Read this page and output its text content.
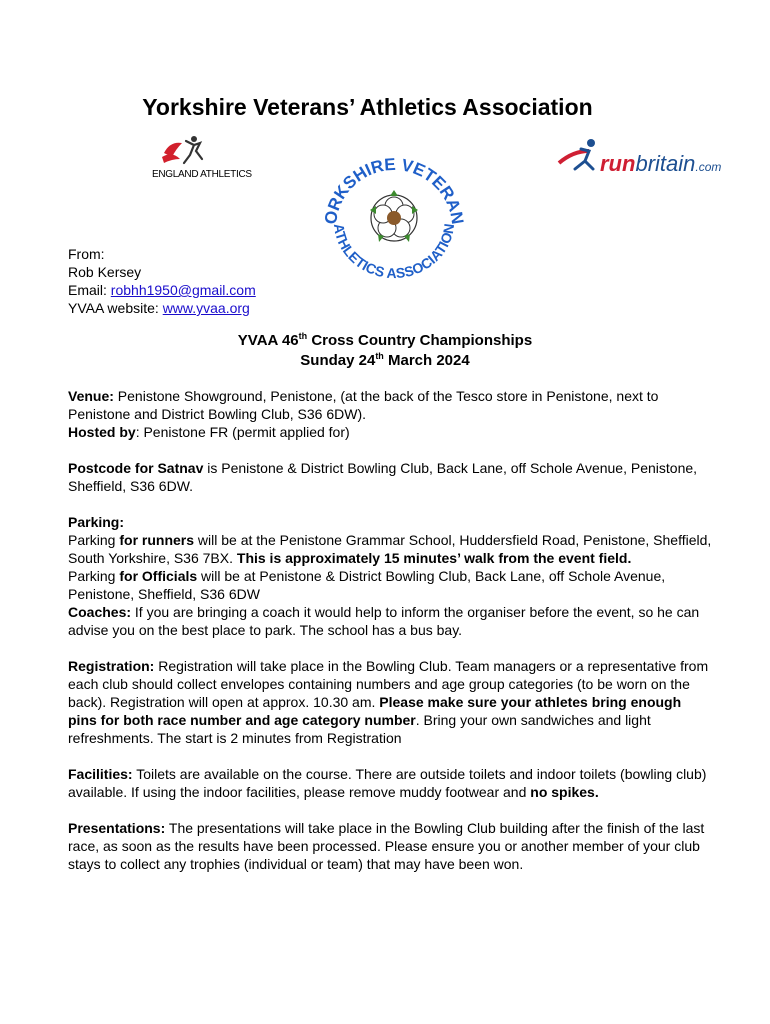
Yorkshire Veterans’ Athletics Association
ENGLAND ATHLETICS
ORKSHIRE VETERAN
ATHLETICS ASSOCIATION
runbritain.com
From:
Rob Kersey
Email: robhh1950@gmail.com
YVAA website: www.yvaa.org
YVAA 46th Cross Country Championships
Sunday 24th March 2024
Venue: Penistone Showground, Penistone, (at the back of the Tesco store in Penistone, next to Penistone and District Bowling Club, S36 6DW).
Hosted by: Penistone FR (permit applied for)
Postcode for Satnav is Penistone & District Bowling Club, Back Lane, off Schole Avenue, Penistone, Sheffield, S36 6DW.
Parking:
Parking for runners will be at the Penistone Grammar School, Huddersfield Road, Penistone, Sheffield, South Yorkshire, S36 7BX. This is approximately 15 minutes’ walk from the event field.
Parking for Officials will be at Penistone & District Bowling Club, Back Lane, off Schole Avenue, Penistone, Sheffield, S36 6DW
Coaches: If you are bringing a coach it would help to inform the organiser before the event, so he can advise you on the best place to park. The school has a bus bay.
Registration: Registration will take place in the Bowling Club. Team managers or a representative from each club should collect envelopes containing numbers and age group categories (to be worn on the back). Registration will open at approx. 10.30 am. Please make sure your athletes bring enough pins for both race number and age category number. Bring your own sandwiches and light refreshments. The start is 2 minutes from Registration
Facilities: Toilets are available on the course. There are outside toilets and indoor toilets (bowling club) available. If using the indoor facilities, please remove muddy footwear and no spikes.
Presentations: The presentations will take place in the Bowling Club building after the finish of the last race, as soon as the results have been processed. Please ensure you or another member of your club stays to collect any trophies (individual or team) that may have been won.
